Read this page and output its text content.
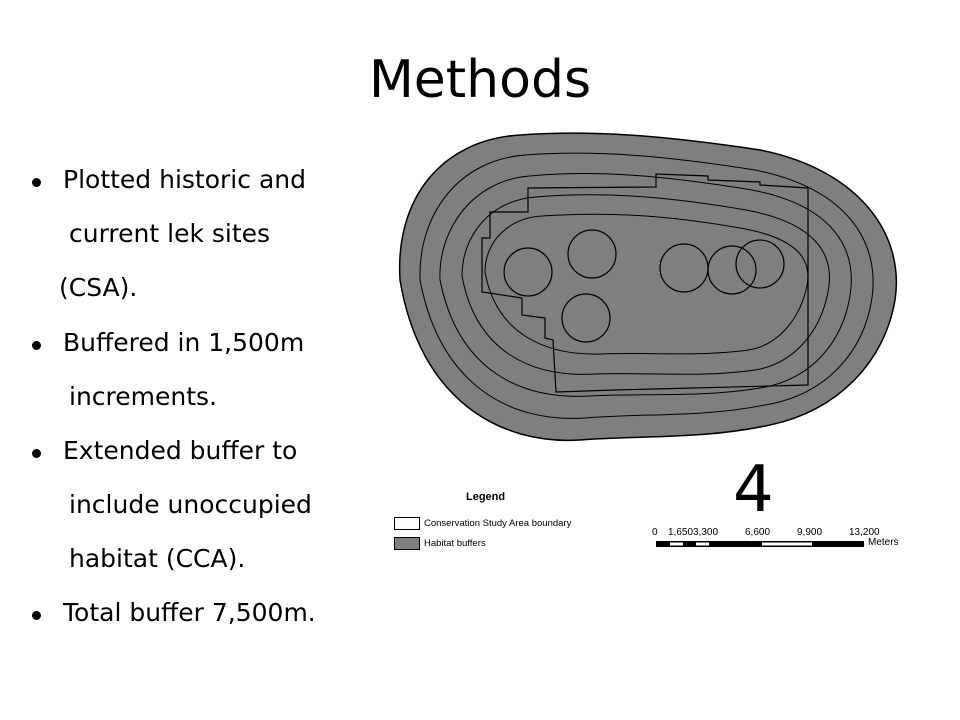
Methods
Plotted historic and
current lek sites
(CSA).
Buffered in 1,500m
increments.
Extended buffer to
include unoccupied
habitat (CCA).
Total buffer 7,500m.
Legend
Conservation Study Area boundary
Habitat buffers
4
0 1,650 3,300	6,600	9,900	13,200
Meters
